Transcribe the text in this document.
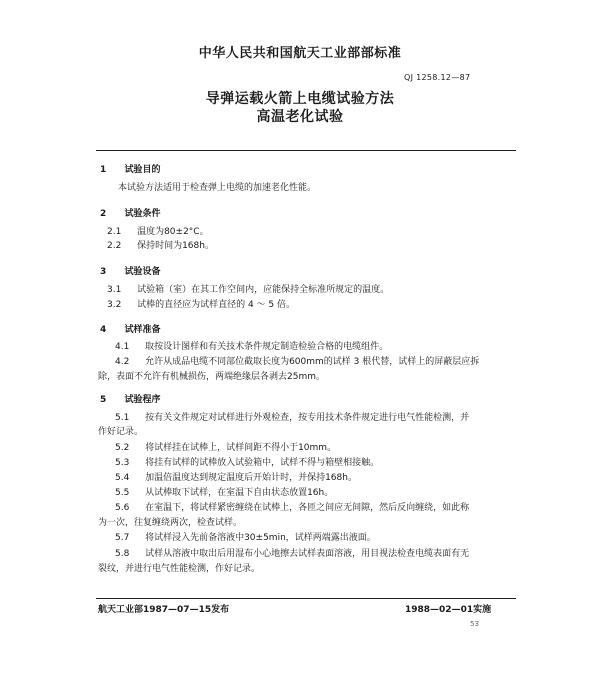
中华人民共和国航天工业部部标准
QJ 1258.12—87
导弹运载火箭上电缆试验方法
高温老化试验
1 试验目的
本试验方法适用于检查弹上电缆的加速老化性能。
2 试验条件
2.1 温度为80±2°C。
2.2 保持时间为168h。
3 试验设备
3.1 试验箱（室）在其工作空间内，应能保持全标准所规定的温度。
3.2 试棒的直径应为试样直径的 4 ～ 5 倍。
4 试样准备
4.1 取按设计图样和有关技术条件规定制造检验合格的电缆组件。
4.2 允许从成品电缆不同部位截取长度为600mm的试样 3 根代替，试样上的屏蔽层应拆
除，表面不允许有机械损伤，两端绝缘层各剥去25mm。
5 试验程序
5.1 按有关文件规定对试样进行外观检查，按专用技术条件规定进行电气性能检测，并
作好记录。
5.2 将试样挂在试棒上，试样间距不得小于10mm。
5.3 将挂有试样的试棒放入试验箱中，试样不得与箱壁相接触。
5.4 加温倍温度达到规定温度后开始计时，并保持168h。
5.5 从试棒取下试样，在室温下自由状态放置16h。
5.6 在室温下，将试样紧密缠绕在试棒上，各匝之间应无间隙，然后反向缠绕，如此称
为一次，往复缠绕两次，检查试样。
5.7 将试样浸入先前备溶液中30±5min，试样两端露出液面。
5.8 试样从溶液中取出后用湿布小心地擦去试样表面溶液，用目视法检查电缆表面有无
裂纹，并进行电气性能检测，作好记录。
航天工业部1987—07—15发布	1988—02—01实施
53
